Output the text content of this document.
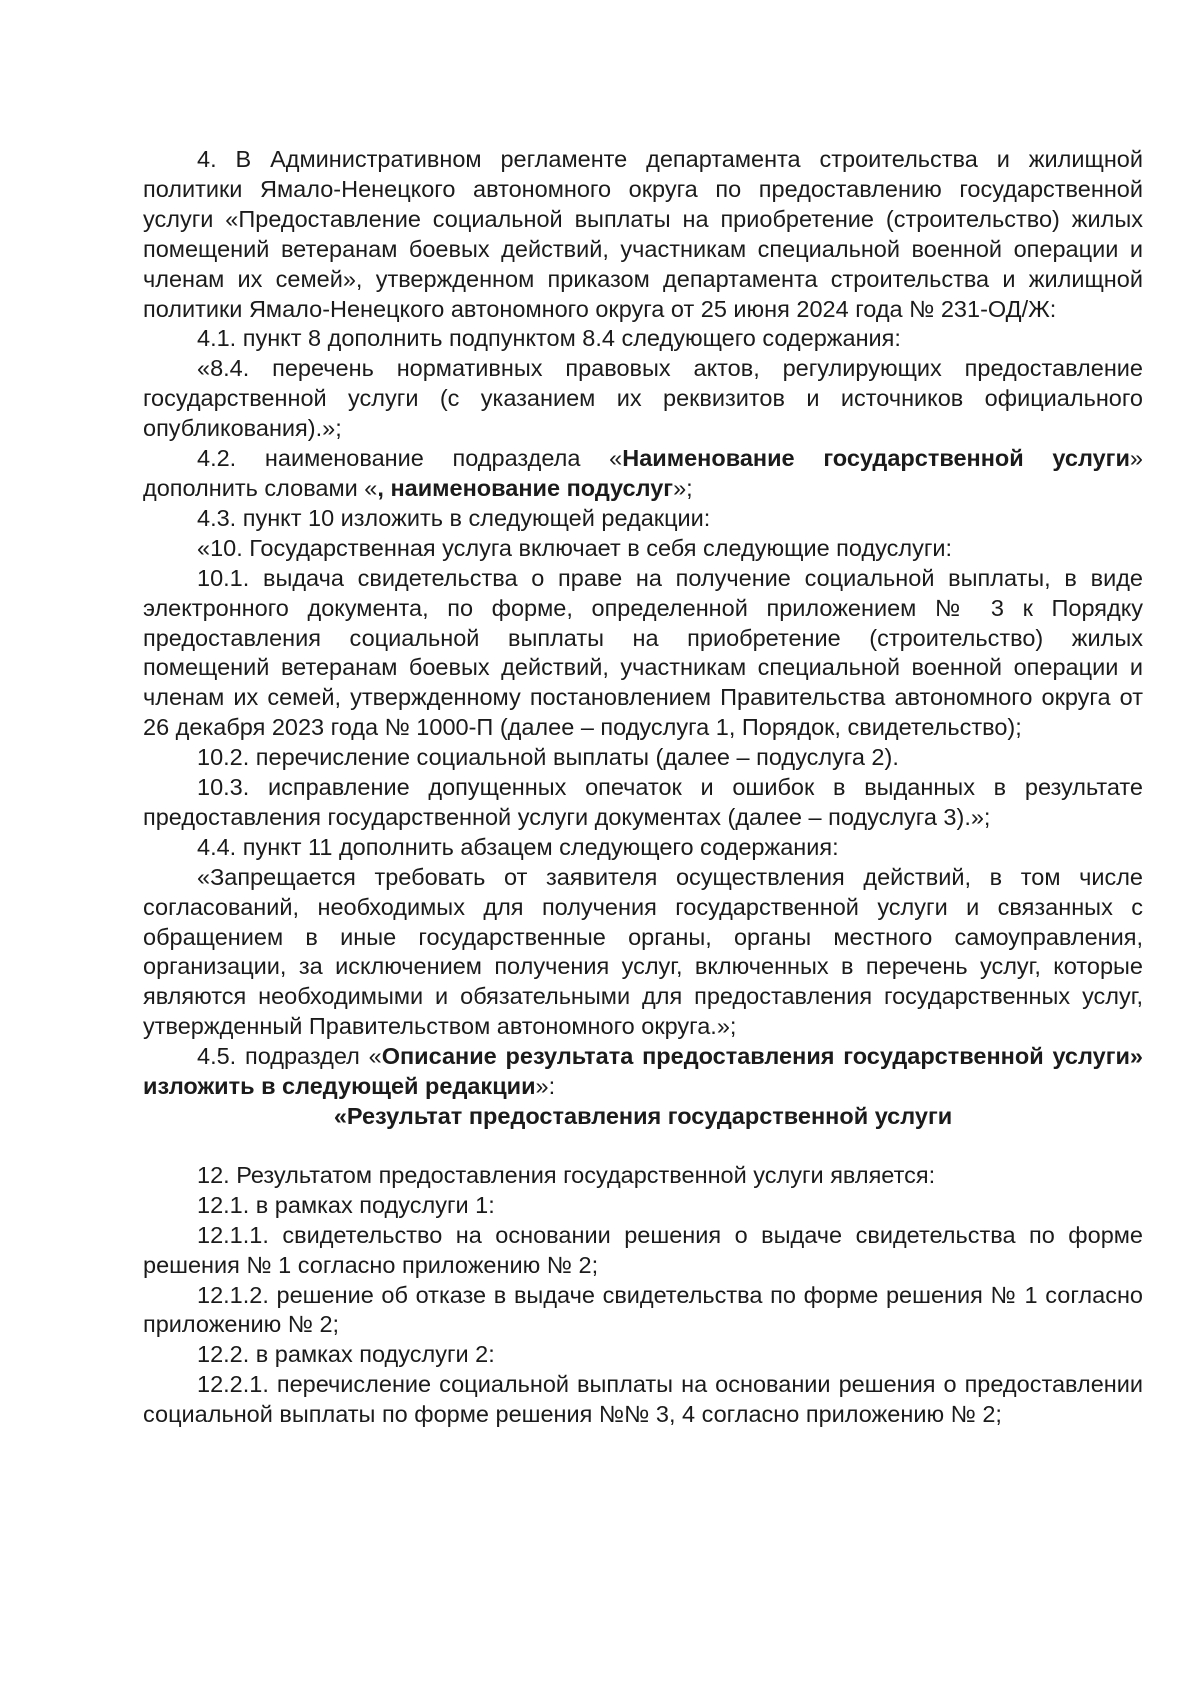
4. В Административном регламенте департамента строительства и жилищной политики Ямало-Ненецкого автономного округа по предоставлению государственной услуги «Предоставление социальной выплаты на приобретение (строительство) жилых помещений ветеранам боевых действий, участникам специальной военной операции и членам их семей», утвержденном приказом департамента строительства и жилищной политики Ямало-Ненецкого автономного округа от 25 июня 2024 года № 231-ОД/Ж:

4.1. пункт 8 дополнить подпунктом 8.4 следующего содержания:

«8.4. перечень нормативных правовых актов, регулирующих предоставление государственной услуги (с указанием их реквизитов и источников официального опубликования).»;

4.2. наименование подраздела «Наименование государственной услуги» дополнить словами «, наименование подуслуг»;

4.3. пункт 10 изложить в следующей редакции:

«10. Государственная услуга включает в себя следующие подуслуги:

10.1. выдача свидетельства о праве на получение социальной выплаты, в виде электронного документа, по форме, определенной приложением № 3 к Порядку предоставления социальной выплаты на приобретение (строительство) жилых помещений ветеранам боевых действий, участникам специальной военной операции и членам их семей, утвержденному постановлением Правительства автономного округа от 26 декабря 2023 года № 1000-П (далее – подуслуга 1, Порядок, свидетельство);

10.2. перечисление социальной выплаты (далее – подуслуга 2).

10.3. исправление допущенных опечаток и ошибок в выданных в результате предоставления государственной услуги документах (далее – подуслуга 3).»;

4.4. пункт 11 дополнить абзацем следующего содержания:

«Запрещается требовать от заявителя осуществления действий, в том числе согласований, необходимых для получения государственной услуги и связанных с обращением в иные государственные органы, органы местного самоуправления, организации, за исключением получения услуг, включенных в перечень услуг, которые являются необходимыми и обязательными для предоставления государственных услуг, утвержденный Правительством автономного округа.»;

4.5. подраздел «Описание результата предоставления государственной услуги» изложить в следующей редакции»:

«Результат предоставления государственной услуги

12. Результатом предоставления государственной услуги является:

12.1. в рамках подуслуги 1:

12.1.1. свидетельство на основании решения о выдаче свидетельства по форме решения № 1 согласно приложению № 2;

12.1.2. решение об отказе в выдаче свидетельства по форме решения № 1 согласно приложению № 2;

12.2. в рамках подуслуги 2:

12.2.1. перечисление социальной выплаты на основании решения о предоставлении социальной выплаты по форме решения №№ 3, 4 согласно приложению № 2;
